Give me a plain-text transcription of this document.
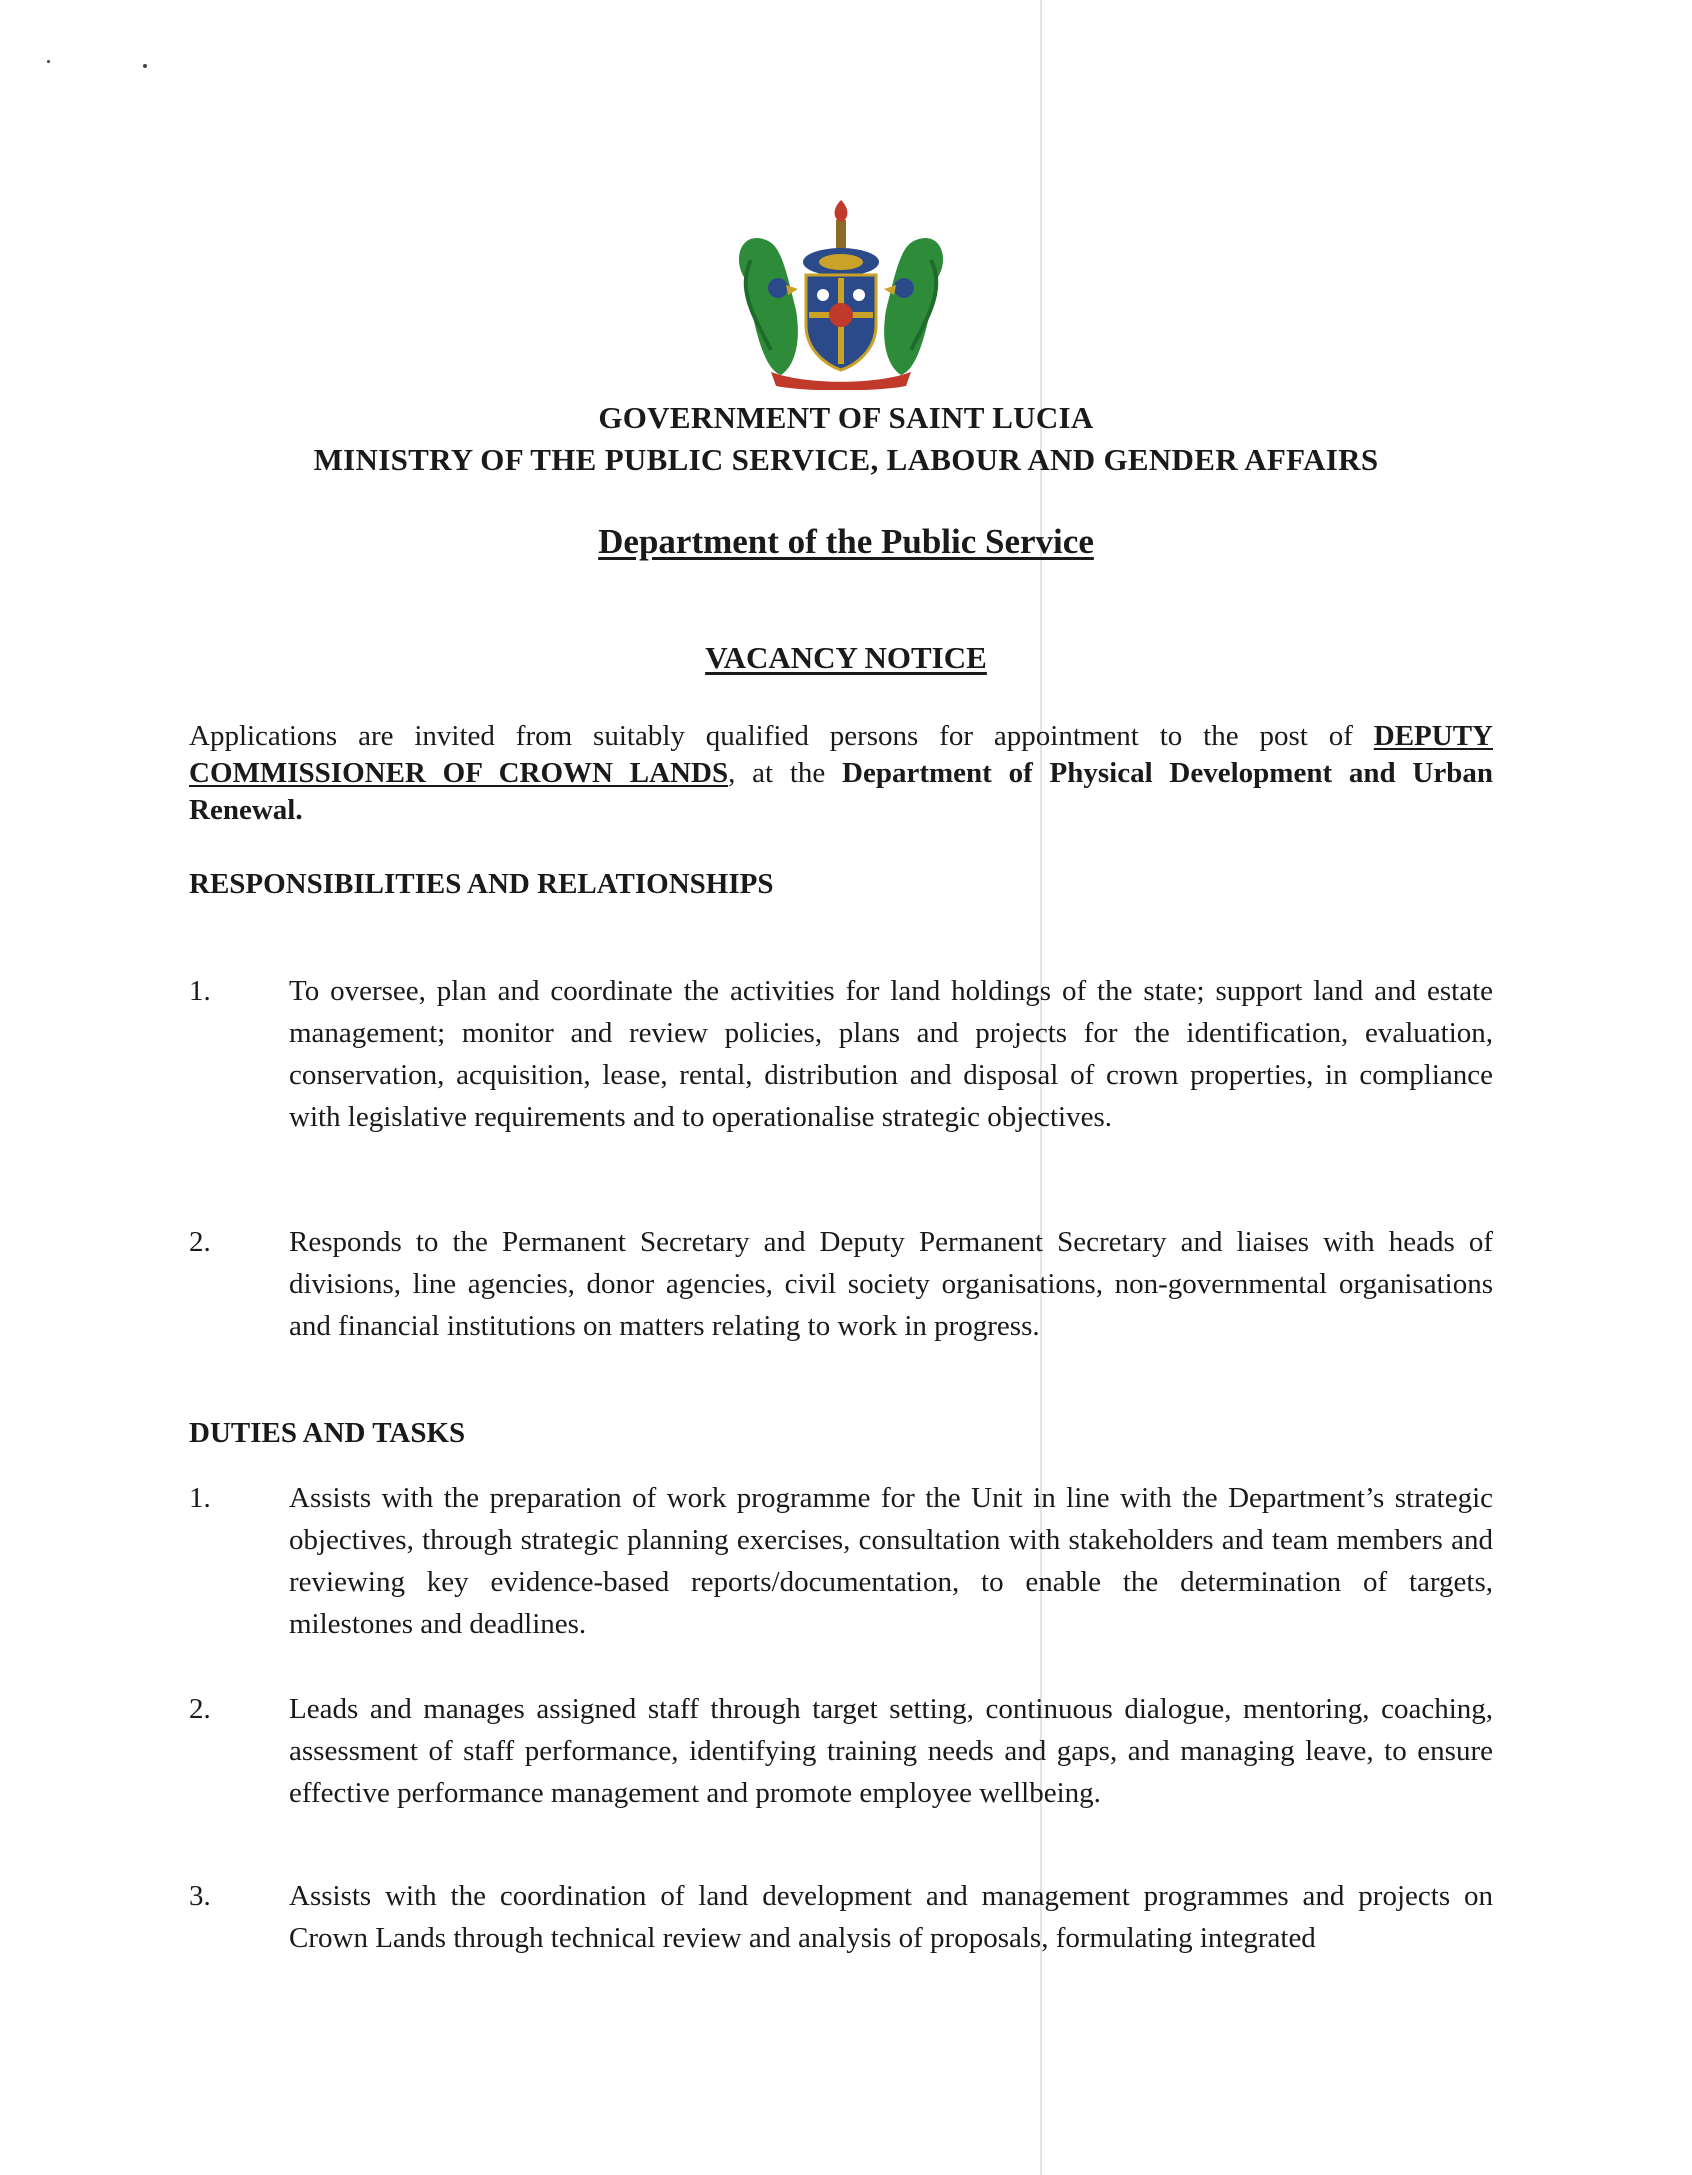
GOVERNMENT OF SAINT LUCIA
MINISTRY OF THE PUBLIC SERVICE, LABOUR AND GENDER AFFAIRS
Department of the Public Service
VACANCY NOTICE
Applications are invited from suitably qualified persons for appointment to the post of DEPUTY COMMISSIONER OF CROWN LANDS, at the Department of Physical Development and Urban Renewal.
RESPONSIBILITIES AND RELATIONSHIPS
1.	To oversee, plan and coordinate the activities for land holdings of the state; support land and estate management; monitor and review policies, plans and projects for the identification, evaluation, conservation, acquisition, lease, rental, distribution and disposal of crown properties, in compliance with legislative requirements and to operationalise strategic objectives.
2.	Responds to the Permanent Secretary and Deputy Permanent Secretary and liaises with heads of divisions, line agencies, donor agencies, civil society organisations, non-governmental organisations and financial institutions on matters relating to work in progress.
DUTIES AND TASKS
1.	Assists with the preparation of work programme for the Unit in line with the Department’s strategic objectives, through strategic planning exercises, consultation with stakeholders and team members and reviewing key evidence-based reports/documentation, to enable the determination of targets, milestones and deadlines.
2.	Leads and manages assigned staff through target setting, continuous dialogue, mentoring, coaching, assessment of staff performance, identifying training needs and gaps, and managing leave, to ensure effective performance management and promote employee wellbeing.
3.	Assists with the coordination of land development and management programmes and projects on Crown Lands through technical review and analysis of proposals, formulating integrated
